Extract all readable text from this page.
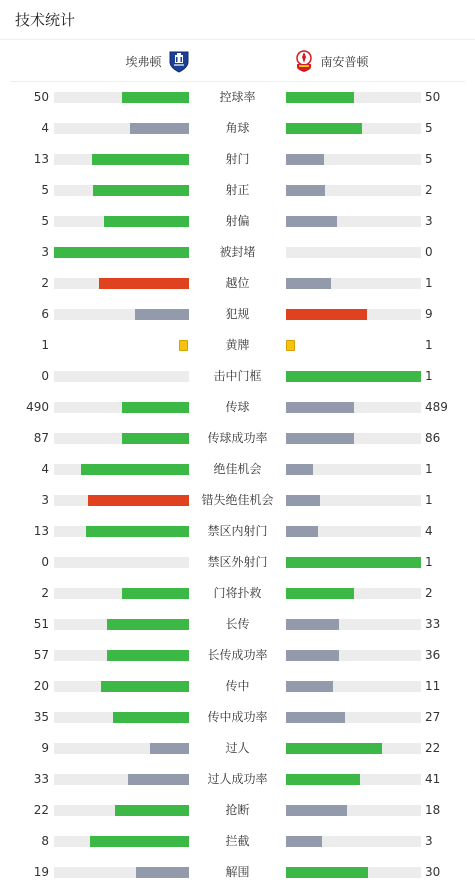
技术统计
埃弗顿	南安普顿
50	控球率	50
4	角球	5
13	射门	5
5	射正	2
5	射偏	3
3	被封堵	0
2	越位	1
6	犯规	9
1	黄牌	1
0	击中门框	1
490	传球	489
87	传球成功率	86
4	绝佳机会	1
3	错失绝佳机会	1
13	禁区内射门	4
0	禁区外射门	1
2	门将扑救	2
51	长传	33
57	长传成功率	36
20	传中	11
35	传中成功率	27
9	过人	22
33	过人成功率	41
22	抢断	18
8	拦截	3
19	解围	30
